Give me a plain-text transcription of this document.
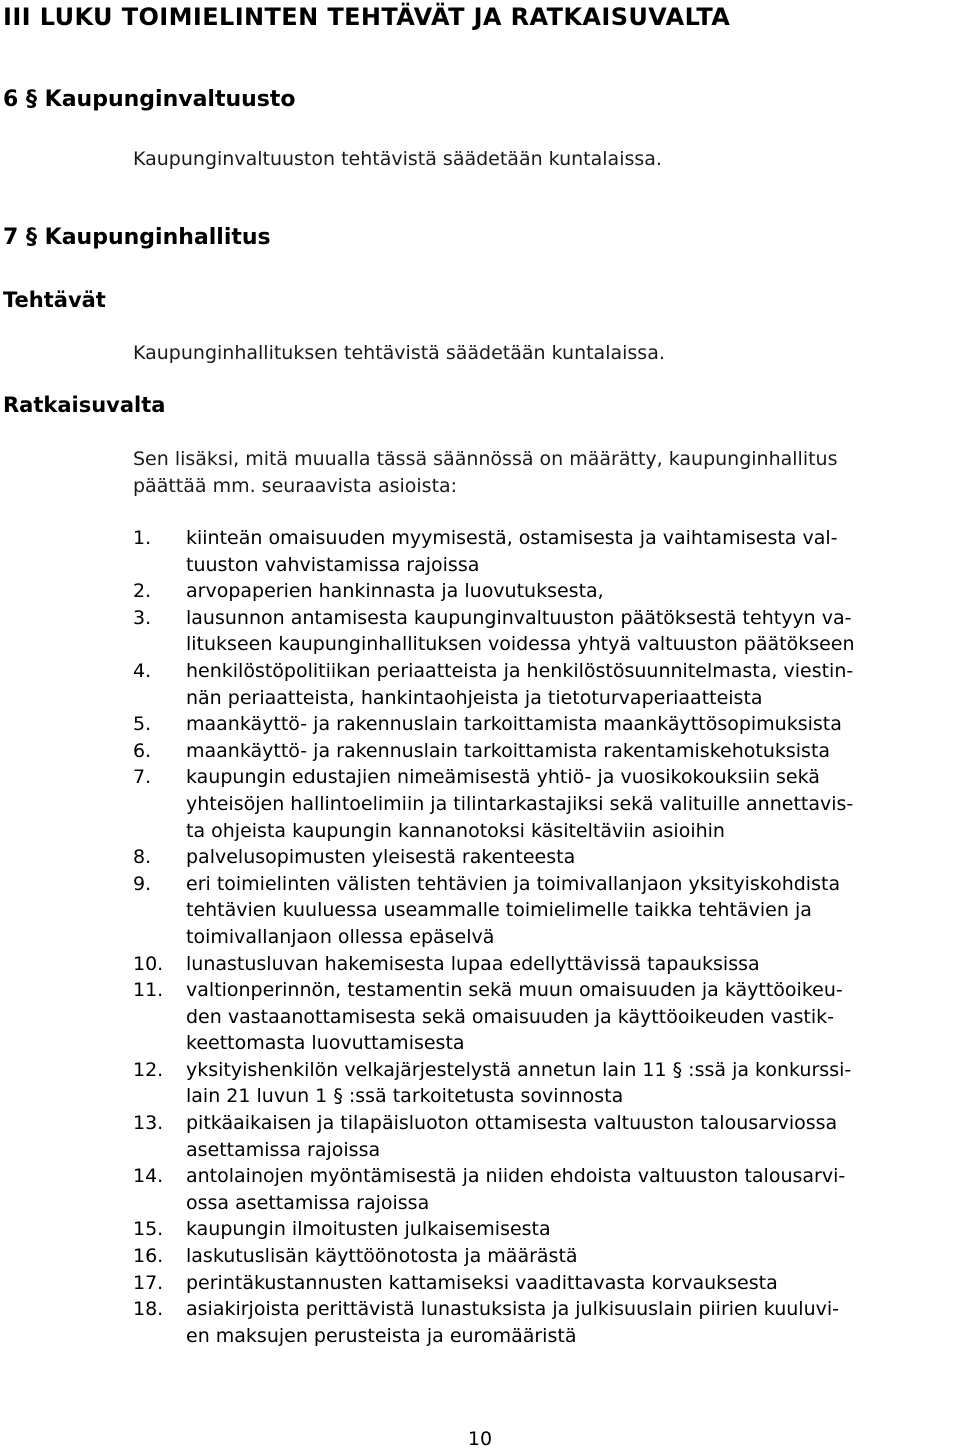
III LUKU TOIMIELINTEN TEHTÄVÄT JA RATKAISUVALTA
6 § Kaupunginvaltuusto
Kaupunginvaltuuston tehtävistä säädetään kuntalaissa.
7 § Kaupunginhallitus
Tehtävät
Kaupunginhallituksen tehtävistä säädetään kuntalaissa.
Ratkaisuvalta
Sen lisäksi, mitä muualla tässä säännössä on määrätty, kaupunginhallitus
päättää mm. seuraavista asioista:
1. kiinteän omaisuuden myymisestä, ostamisesta ja vaihtamisesta val-
tuuston vahvistamissa rajoissa
2. arvopaperien hankinnasta ja luovutuksesta,
3. lausunnon antamisesta kaupunginvaltuuston päätöksestä tehtyyn va-
litukseen kaupunginhallituksen voidessa yhtyä valtuuston päätökseen
4. henkilöstöpolitiikan periaatteista ja henkilöstösuunnitelmasta, viestin-
nän periaatteista, hankintaohjeista ja tietoturvaperiaatteista
5. maankäyttö- ja rakennuslain tarkoittamista maankäyttösopimuksista
6. maankäyttö- ja rakennuslain tarkoittamista rakentamiskehotuksista
7. kaupungin edustajien nimeämisestä yhtiö- ja vuosikokouksiin sekä
yhteisöjen hallintoelimiin ja tilintarkastajiksi sekä valituille annettavis-
ta ohjeista kaupungin kannanotoksi käsiteltäviin asioihin
8. palvelusopimusten yleisestä rakenteesta
9. eri toimielinten välisten tehtävien ja toimivallanjaon yksityiskohdista
tehtävien kuuluessa useammalle toimielimelle taikka tehtävien ja
toimivallanjaon ollessa epäselvä
10. lunastusluvan hakemisesta lupaa edellyttävissä tapauksissa
11. valtionperinnön, testamentin sekä muun omaisuuden ja käyttöoikeu-
den vastaanottamisesta sekä omaisuuden ja käyttöoikeuden vastik-
keettomasta luovuttamisesta
12. yksityishenkilön velkajärjestelystä annetun lain 11 § :ssä ja konkurssi-
lain 21 luvun 1 § :ssä tarkoitetusta sovinnosta
13. pitkäaikaisen ja tilapäisluoton ottamisesta valtuuston talousarviossa
asettamissa rajoissa
14. antolainojen myöntämisestä ja niiden ehdoista valtuuston talousarvi-
ossa asettamissa rajoissa
15. kaupungin ilmoitusten julkaisemisesta
16. laskutuslisän käyttöönotosta ja määrästä
17. perintäkustannusten kattamiseksi vaadittavasta korvauksesta
18. asiakirjoista perittävistä lunastuksista ja julkisuuslain piirien kuuluvi-
en maksujen perusteista ja euromääristä
10
